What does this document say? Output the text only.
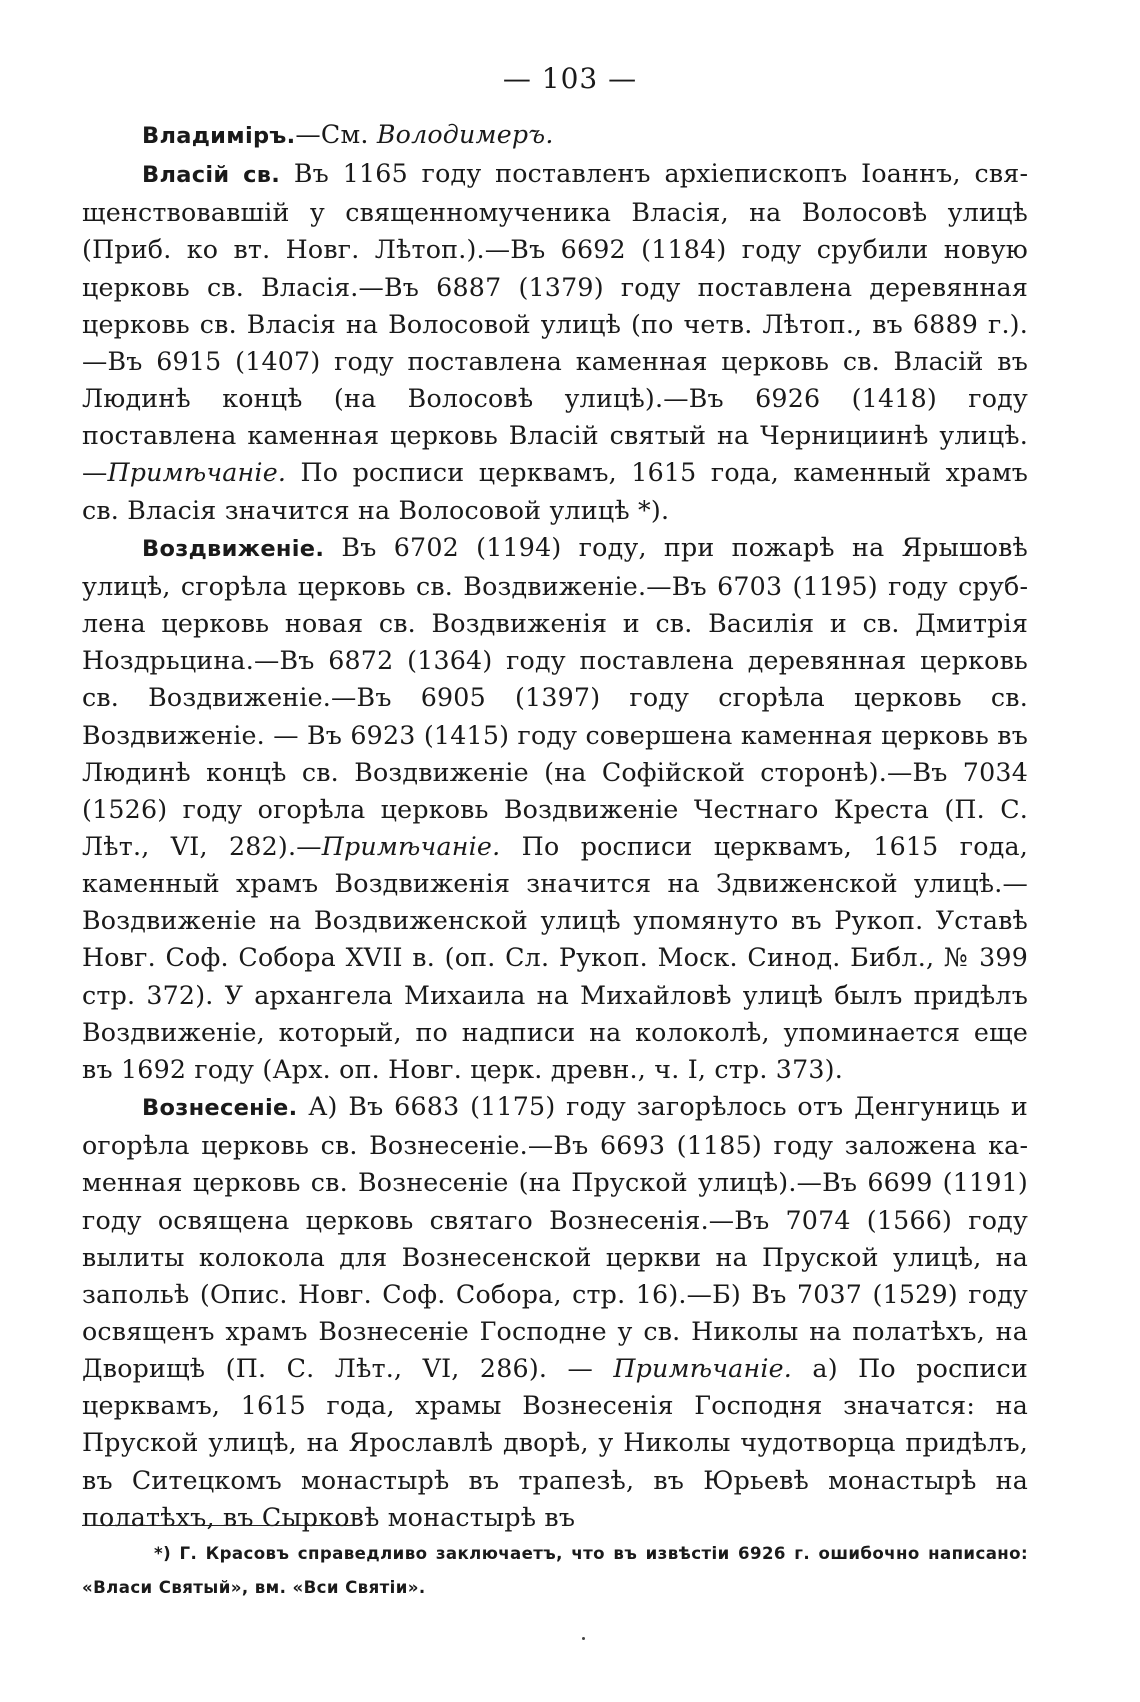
— 103 —

Владимiръ.—См. Володимеръ.

Власiй св. Въ 1165 году поставленъ архiепископъ Iоаннъ, священствовавшiй у священномученика Власiя, на Волосовѣ улицѣ (Приб. ко вт. Новг. Лѣтоп.).—Въ 6692 (1184) году срубили новую церковь св. Власiя.—Въ 6887 (1379) году поставлена деревянная церковь св. Власiя на Волосовой улицѣ (по четв. Лѣтоп., въ 6889 г.).—Въ 6915 (1407) году поставлена каменная церковь св. Власiй въ Людинѣ концѣ (на Волосовѣ улицѣ).—Въ 6926 (1418) году поставлена каменная церковь Власiй святый на Чернициинѣ улицѣ.—Примѣчанiе. По росписи церквамъ, 1615 года, каменный храмъ св. Власiя значится на Волосовой улицѣ *).

Воздвиженiе. Въ 6702 (1194) году, при пожарѣ на Ярышовѣ улицѣ, сгорѣла церковь св. Воздвиженiе.—Въ 6703 (1195) году срублена церковь новая св. Воздвиженiя и св. Василiя и св. Дмитрiя Ноздрьцина.—Въ 6872 (1364) году поставлена деревянная церковь св. Воздвиженiе.—Въ 6905 (1397) году сгорѣла церковь св. Воздвиженiе. — Въ 6923 (1415) году совершена каменная церковь въ Людинѣ концѣ св. Воздвиженiе (на Софiйской сторонѣ).—Въ 7034 (1526) году огорѣла церковь Воздвиженiе Честнаго Креста (П. С. Лѣт., VI, 282).—Примѣчанiе. По росписи церквамъ, 1615 года, каменный храмъ Воздвиженiя значится на Здвиженской улицѣ.—Воздвиженiе на Воздвиженской улицѣ упомянуто въ Рукоп. Уставѣ Новг. Соф. Собора XVII в. (оп. Сл. Рукоп. Моск. Синод. Библ., № 399 стр. 372). У архангела Михаила на Михайловѣ улицѣ былъ придѣлъ Воздвиженiе, который, по надписи на колоколѣ, упоминается еще въ 1692 году (Арх. оп. Новг. церк. древн., ч. I, стр. 373).

Вознесенiе. А) Въ 6683 (1175) году загорѣлось отъ Денгуниць и огорѣла церковь св. Вознесенiе.—Въ 6693 (1185) году заложена каменная церковь св. Вознесенiе (на Пруской улицѣ).—Въ 6699 (1191) году освящена церковь святаго Вознесенiя.—Въ 7074 (1566) году вылиты колокола для Вознесенской церкви на Пруской улицѣ, на запольѣ (Опис. Новг. Соф. Собора, стр. 16).—Б) Въ 7037 (1529) году освященъ храмъ Вознесенiе Господне у св. Николы на полатѣхъ, на Дворищѣ (П. С. Лѣт., VI, 286). — Примѣчанiе. а) По росписи церквамъ, 1615 года, храмы Вознесенiя Господня значатся: на Пруской улицѣ, на Ярославлѣ дворѣ, у Николы чудотворца придѣлъ, въ Ситецкомъ монастырѣ въ трапезѣ, въ Юрьевѣ монастырѣ на полатѣхъ, въ Сырковѣ монастырѣ въ

*) Г. Красовъ справедливо заключаетъ, что въ извѣстiи 6926 г. ошибочно написано: «Власи Святый», вм. «Вси Святiи».
